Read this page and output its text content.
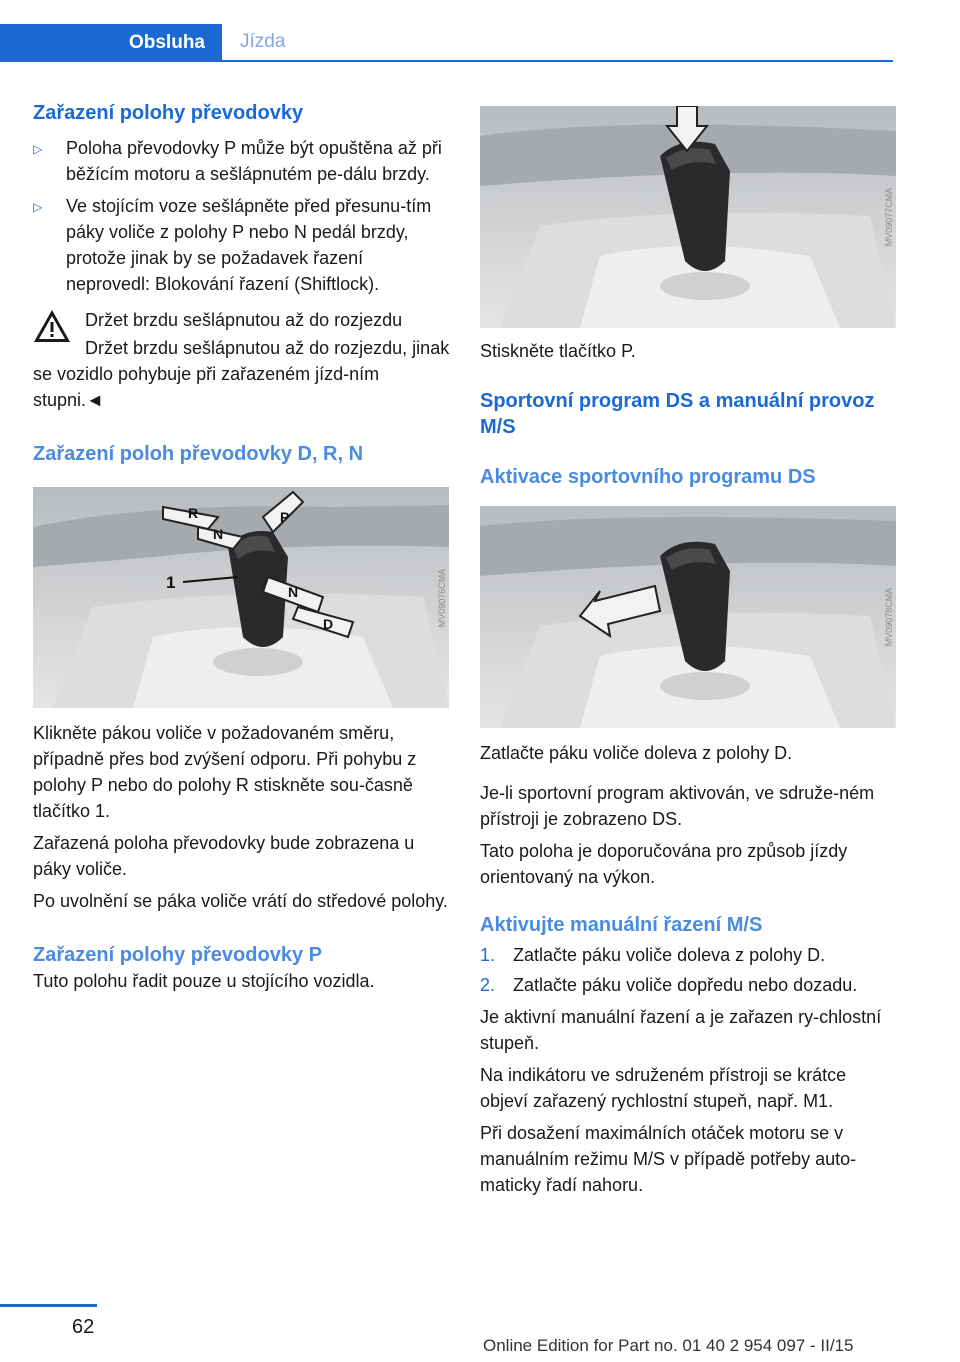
Obsluha Jízda
Zařazení polohy převodovky
▷	Poloha převodovky P může být opuštěna až při běžícím motoru a sešlápnutém pe‐dálu brzdy.
▷	Ve stojícím voze sešlápněte před přesunu‐tím páky voliče z polohy P nebo N pedál brzdy, protože jinak by se požadavek řazení neprovedl: Blokování řazení (Shiftlock).
Držet brzdu sešlápnutou až do rozjezdu

Držet brzdu sešlápnutou až do rozjezdu, jinak se vozidlo pohybuje při zařazeném jízd‐ním stupni.◄

Zařazení poloh převodovky D, R, N
R
N
P
N
D
1	MV09076CMA

Klikněte pákou voliče v požadovaném směru, případně přes bod zvýšení odporu. Při pohybu z polohy P nebo do polohy R stiskněte sou‐časně tlačítko 1.

Zařazená poloha převodovky bude zobrazena u páky voliče.

Po uvolnění se páka voliče vrátí do středové polohy.

Zařazení polohy převodovky P

Tuto polohu řadit pouze u stojícího vozidla.

MV09077CMA

Stiskněte tlačítko P.

Sportovní program DS a manuální provoz M/S
Aktivace sportovního programu DS
MV09078CMA

Zatlačte páku voliče doleva z polohy D.

Je-li sportovní program aktivován, ve sdruže‐ném přístroji je zobrazeno DS.

Tato poloha je doporučována pro způsob jízdy orientovaný na výkon.

Aktivujte manuální řazení M/S
1. Zatlačte páku voliče doleva z polohy D.
2. Zatlačte páku voliče dopředu nebo dozadu.

Je aktivní manuální řazení a je zařazen ry‐chlostní stupeň.

Na indikátoru ve sdruženém přístroji se krátce objeví zařazený rychlostní stupeň, např. M1.

Při dosažení maximálních otáček motoru se v manuálním režimu M/S v případě potřeby auto‐maticky řadí nahoru.

62
Online Edition for Part no. 01 40 2 954 097 - II/15
